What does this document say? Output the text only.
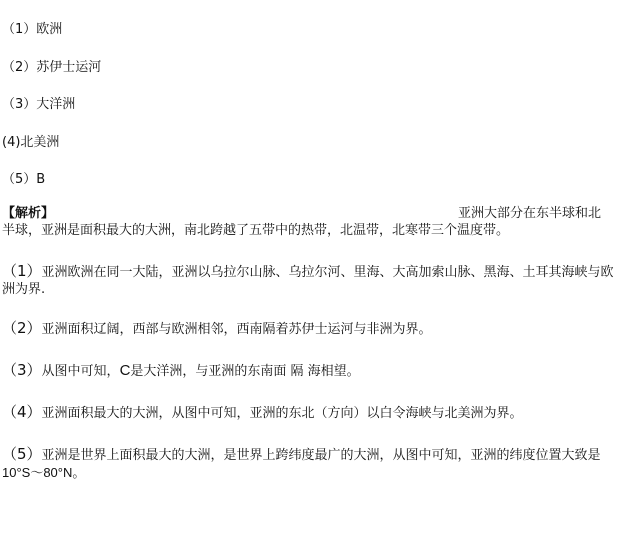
（1）欧洲
（2）苏伊士运河
（3）大洋洲
(4)北美洲
（5）B
【解析】	亚洲大部分在东半球和北
半球，亚洲是面积最大的大洲，南北跨越了五带中的热带，北温带，北寒带三个温度带。
（1）亚洲欧洲在同一大陆，亚洲以乌拉尔山脉、乌拉尔河、里海、大高加索山脉、黑海、土耳其海峡与欧洲为界.
（2）亚洲面积辽阔，西部与欧洲相邻，西南隔着苏伊士运河与非洲为界。
（3）从图中可知，C是大洋洲，与亚洲的东南面 隔 海相望。
（4）亚洲面积最大的大洲，从图中可知，亚洲的东北（方向）以白令海峡与北美洲为界。
（5）亚洲是世界上面积最大的大洲，是世界上跨纬度最广的大洲，从图中可知，亚洲的纬度位置大致是10°S～80°N。
